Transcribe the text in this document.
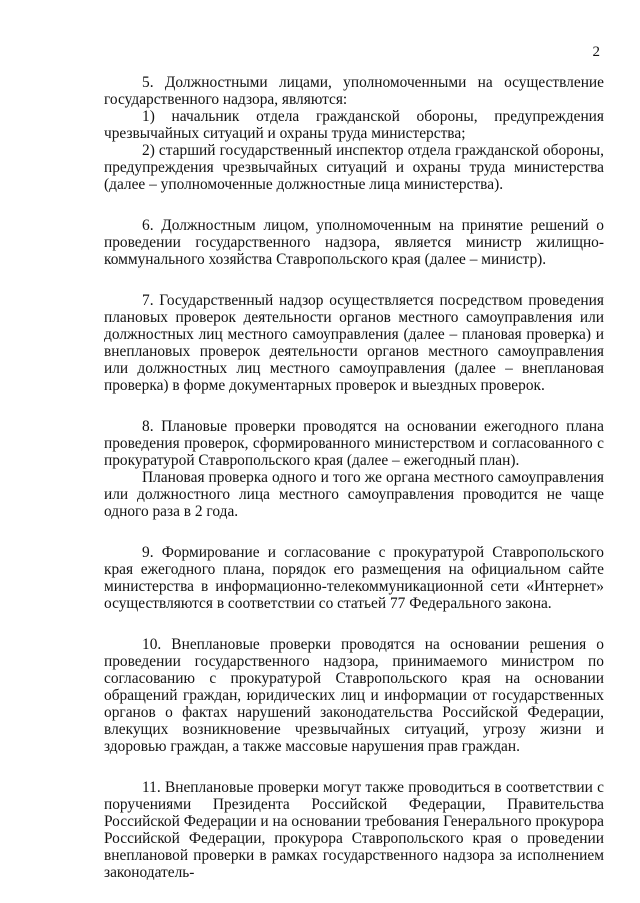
2

5. Должностными лицами, уполномоченными на осуществление государственного надзора, являются:

1) начальник отдела гражданской обороны, предупреждения чрезвычайных ситуаций и охраны труда министерства;

2) старший государственный инспектор отдела гражданской обороны, предупреждения чрезвычайных ситуаций и охраны труда министерства (далее – уполномоченные должностные лица министерства).

6. Должностным лицом, уполномоченным на принятие решений о проведении государственного надзора, является министр жилищно-коммунального хозяйства Ставропольского края (далее – министр).

7. Государственный надзор осуществляется посредством проведения плановых проверок деятельности органов местного самоуправления или должностных лиц местного самоуправления (далее – плановая проверка) и внеплановых проверок деятельности органов местного самоуправления или должностных лиц местного самоуправления (далее – внеплановая проверка) в форме документарных проверок и выездных проверок.

8. Плановые проверки проводятся на основании ежегодного плана проведения проверок, сформированного министерством и согласованного с прокуратурой Ставропольского края (далее – ежегодный план).

Плановая проверка одного и того же органа местного самоуправления или должностного лица местного самоуправления проводится не чаще одного раза в 2 года.

9. Формирование и согласование с прокуратурой Ставропольского края ежегодного плана, порядок его размещения на официальном сайте министерства в информационно-телекоммуникационной сети «Интернет» осуществляются в соответствии со статьей 77 Федерального закона.

10. Внеплановые проверки проводятся на основании решения о проведении государственного надзора, принимаемого министром по согласованию с прокуратурой Ставропольского края на основании обращений граждан, юридических лиц и информации от государственных органов о фактах нарушений законодательства Российской Федерации, влекущих возникновение чрезвычайных ситуаций, угрозу жизни и здоровью граждан, а также массовые нарушения прав граждан.

11. Внеплановые проверки могут также проводиться в соответствии с поручениями Президента Российской Федерации, Правительства Российской Федерации и на основании требования Генерального прокурора Российской Федерации, прокурора Ставропольского края о проведении внеплановой проверки в рамках государственного надзора за исполнением законодатель-
